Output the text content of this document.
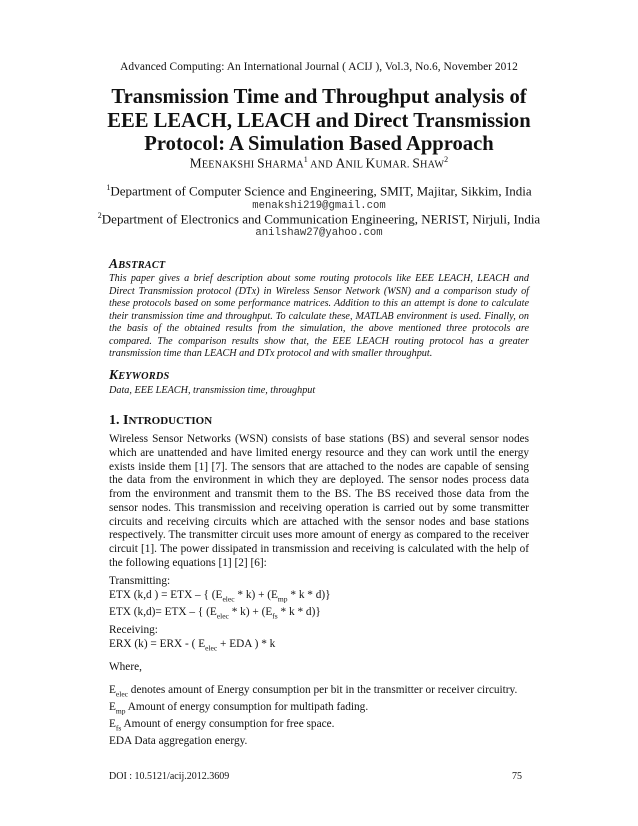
Advanced Computing: An International Journal ( ACIJ ), Vol.3, No.6, November 2012
Transmission Time and Throughput analysis of
EEE LEACH, LEACH and Direct Transmission
Protocol: A Simulation Based Approach
MEENAKSHI SHARMA$^1$ AND ANIL KUMAR. SHAW$^2$
$^1$Department of Computer Science and Engineering, SMIT, Majitar, Sikkim, India
menakshi219@gmail.com
$^2$Department of Electronics and Communication Engineering, NERIST, Nirjuli, India
anilshaw27@yahoo.com
ABSTRACT
This paper gives a brief description about some routing protocols like EEE LEACH, LEACH and Direct Transmission protocol (DTx) in Wireless Sensor Network (WSN) and a comparison study of these protocols based on some performance matrices. Addition to this an attempt is done to calculate their transmission time and throughput. To calculate these, MATLAB environment is used. Finally, on the basis of the obtained results from the simulation, the above mentioned three protocols are compared. The comparison results show that, the EEE LEACH routing protocol has a greater transmission time than LEACH and DTx protocol and with smaller throughput.
KEYWORDS
Data, EEE LEACH, transmission time, throughput
1. INTRODUCTION
Wireless Sensor Networks (WSN) consists of base stations (BS) and several sensor nodes which are unattended and have limited energy resource and they can work until the energy exists inside them [1] [7]. The sensors that are attached to the nodes are capable of sensing the data from the environment in which they are deployed. The sensor nodes process data from the environment and transmit them to the BS. The BS received those data from the sensor nodes. This transmission and receiving operation is carried out by some transmitter circuits and receiving circuits which are attached with the sensor nodes and base stations respectively. The transmitter circuit uses more amount of energy as compared to the receiver circuit [1]. The power dissipated in transmission and receiving is calculated with the help of the following equations [1] [2] [6]:
Transmitting:
ETX (k,d ) = ETX – { $(E_{elec} * k) + (E_{mp} * k * d)$}
ETX (k,d)= ETX – { $(E_{elec} * k) + (E_{fs} * k * d)$}
Receiving:
ERX (k) = ERX - ( $E_{elec}$ + EDA ) * k
Where,
$E_{elec}$ denotes amount of Energy consumption per bit in the transmitter or receiver circuitry.
$E_{mp}$ Amount of energy consumption for multipath fading.
$E_{fs}$ Amount of energy consumption for free space.
EDA Data aggregation energy.
DOI : 10.5121/acij.2012.3609	75
